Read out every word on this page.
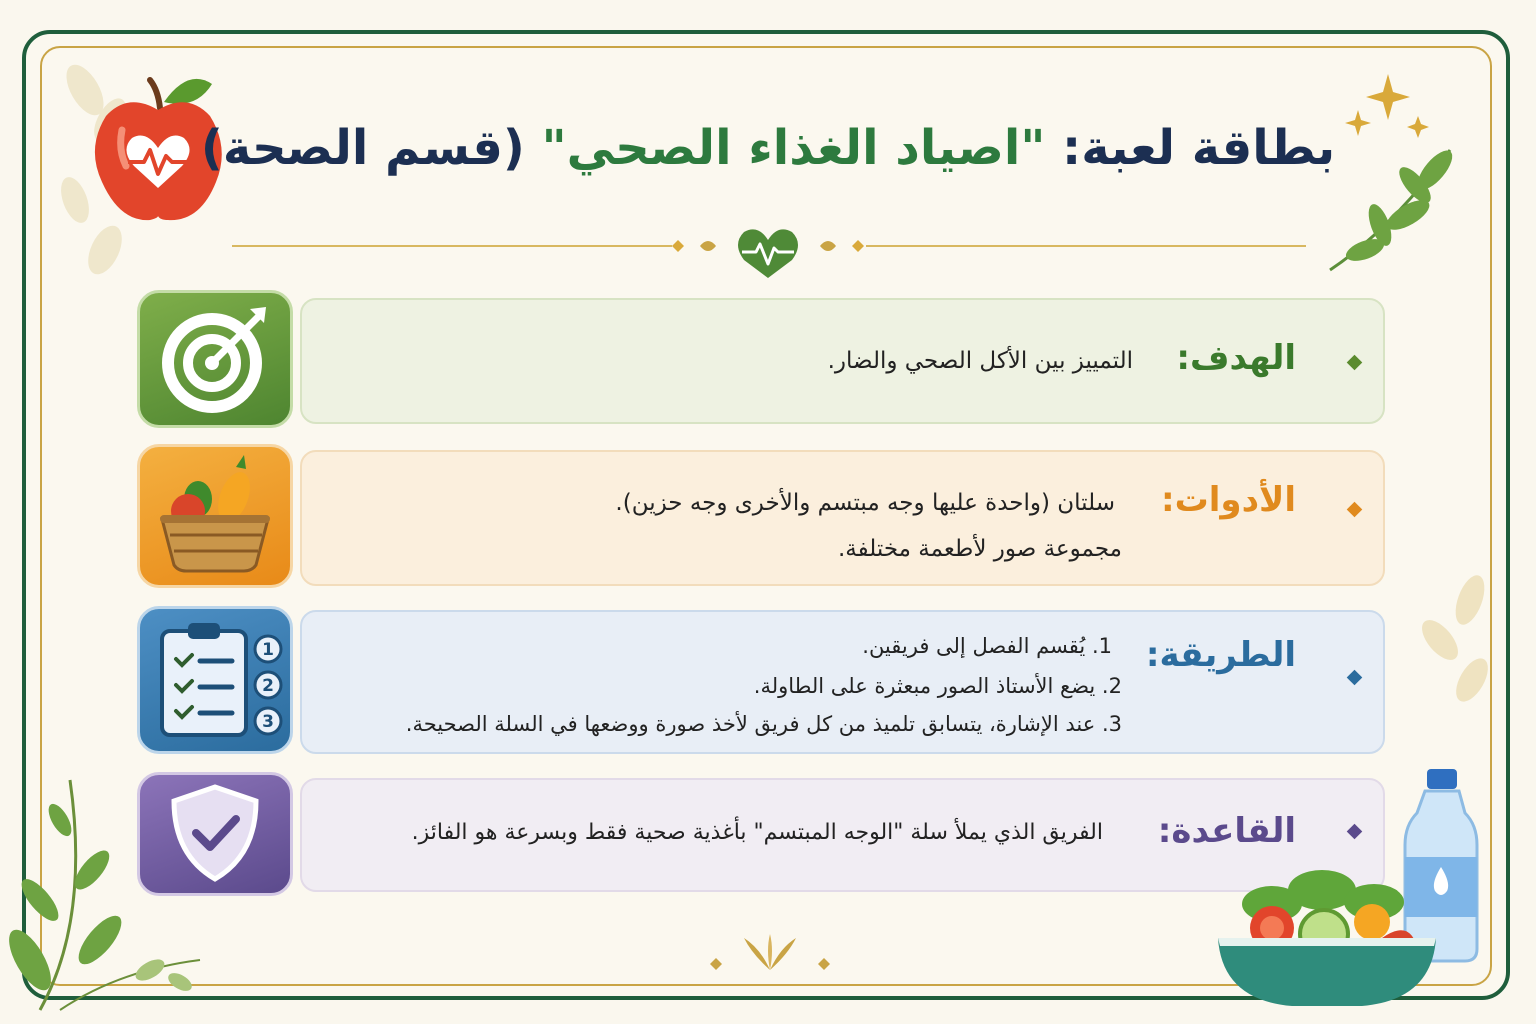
بطاقة لعبة: "اصياد الغذاء الصحي" (قسم الصحة)
الهدف:
التمييز بين الأكل الصحي والضار.
الأدوات:
سلتان (واحدة عليها وجه مبتسم والأخرى وجه حزين).
مجموعة صور لأطعمة مختلفة.
1
2
3
الطريقة:
1. يُقسم الفصل إلى فريقين.
2. يضع الأستاذ الصور مبعثرة على الطاولة.
3. عند الإشارة، يتسابق تلميذ من كل فريق لأخذ صورة ووضعها في السلة الصحيحة.
القاعدة:
الفريق الذي يملأ سلة "الوجه المبتسم" بأغذية صحية فقط وبسرعة هو الفائز.
